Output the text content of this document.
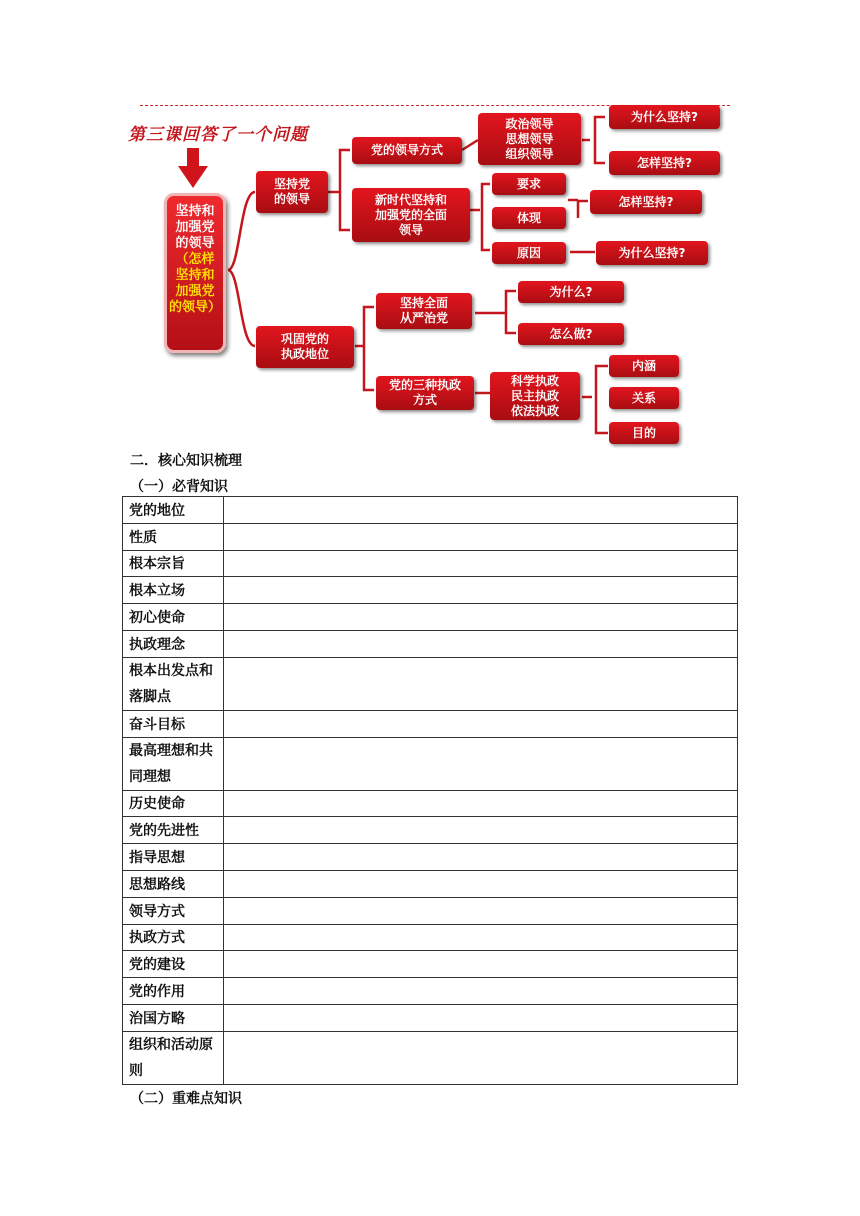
第三课回答了一个问题
坚持和
加强党
的领导
（怎样
坚持和
加强党
的领导）
坚持党
的领导
巩固党的
执政地位
党的领导方式
新时代坚持和
加强党的全面
领导
政治领导
思想领导
组织领导
为什么坚持?
怎样坚持?
要求
体现
怎样坚持?
原因	为什么坚持?
坚持全面
从严治党
为什么?
怎么做?
党的三种执政
方式
科学执政
民主执政
依法执政
内涵
关系
目的
二．核心知识梳理
（一）必背知识
党的地位	
性质	
根本宗旨	
根本立场	
初心使命	
执政理念	
根本出发点和落脚点	
奋斗目标	
最高理想和共同理想	
历史使命	
党的先进性	
指导思想	
思想路线	
领导方式	
执政方式	
党的建设	
党的作用	
治国方略	
组织和活动原则	
（二）重难点知识
